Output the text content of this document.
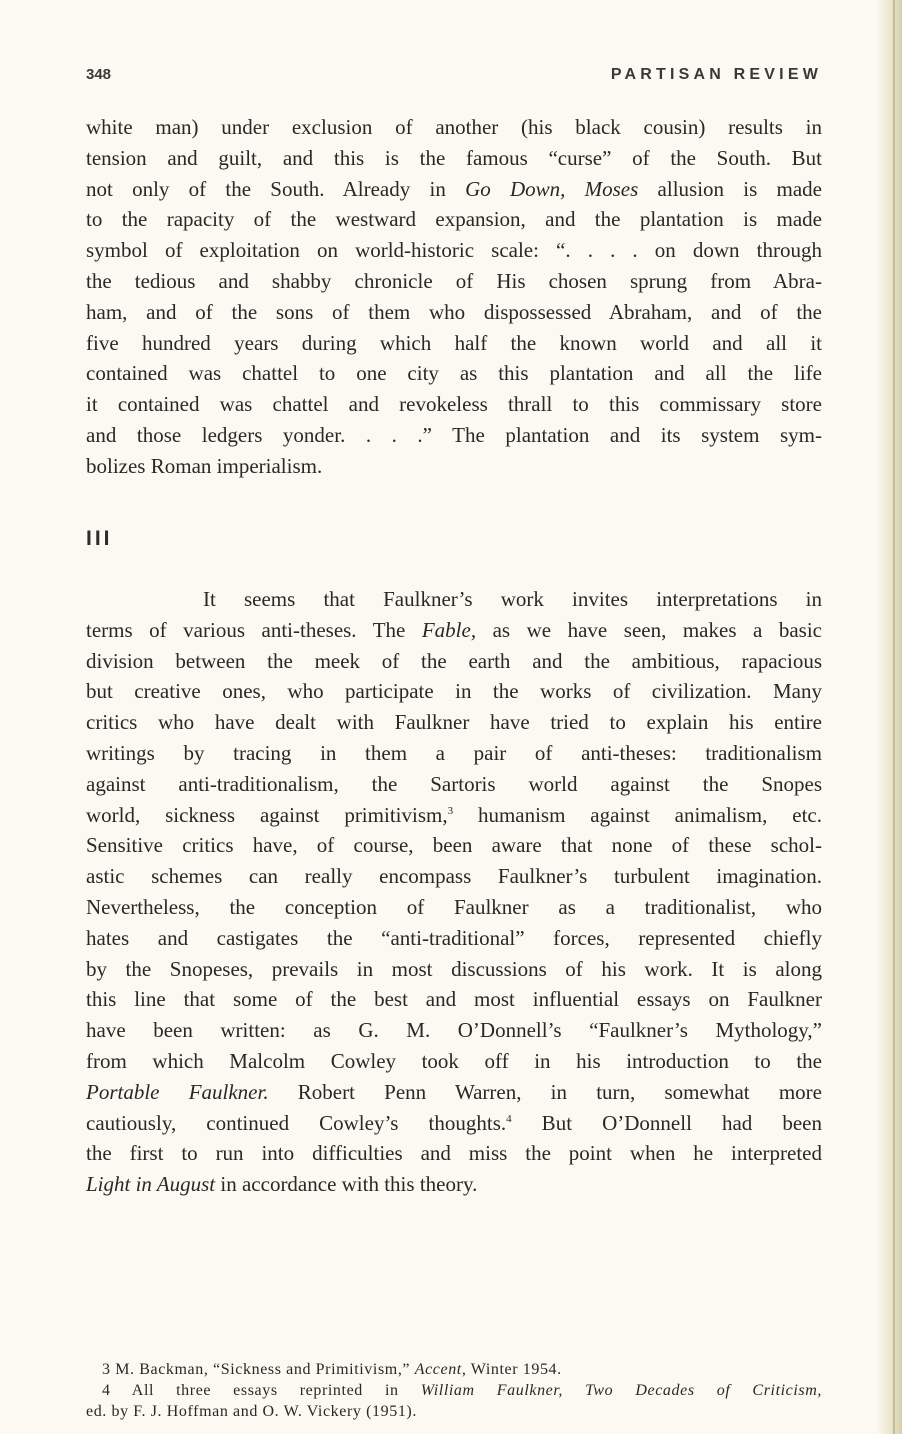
348	PARTISAN REVIEW

white man) under exclusion of another (his black cousin) results in
tension and guilt, and this is the famous “curse” of the South. But
not only of the South. Already in Go Down, Moses allusion is made
to the rapacity of the westward expansion, and the plantation is made
symbol of exploitation on world-historic scale: “. . . . on down through
the tedious and shabby chronicle of His chosen sprung from Abra-
ham, and of the sons of them who dispossessed Abraham, and of the
five hundred years during which half the known world and all it
contained was chattel to one city as this plantation and all the life
it contained was chattel and revokeless thrall to this commissary store
and those ledgers yonder. . . .” The plantation and its system sym-
bolizes Roman imperialism.

III

It seems that Faulkner’s work invites interpretations in
terms of various anti-theses. The Fable, as we have seen, makes a basic
division between the meek of the earth and the ambitious, rapacious
but creative ones, who participate in the works of civilization. Many
critics who have dealt with Faulkner have tried to explain his entire
writings by tracing in them a pair of anti-theses: traditionalism
against anti-traditionalism, the Sartoris world against the Snopes
world, sickness against primitivism,$^3$ humanism against animalism, etc.
Sensitive critics have, of course, been aware that none of these schol-
astic schemes can really encompass Faulkner’s turbulent imagination.
Nevertheless, the conception of Faulkner as a traditionalist, who
hates and castigates the “anti-traditional” forces, represented chiefly
by the Snopeses, prevails in most discussions of his work. It is along
this line that some of the best and most influential essays on Faulkner
have been written: as G. M. O’Donnell’s “Faulkner’s Mythology,”
from which Malcolm Cowley took off in his introduction to the
Portable Faulkner. Robert Penn Warren, in turn, somewhat more
cautiously, continued Cowley’s thoughts.$^4$ But O’Donnell had been
the first to run into difficulties and miss the point when he interpreted
Light in August in accordance with this theory.

3 M. Backman, “Sickness and Primitivism,” Accent, Winter 1954.
4 All three essays reprinted in William Faulkner, Two Decades of Criticism,
ed. by F. J. Hoffman and O. W. Vickery (1951).
